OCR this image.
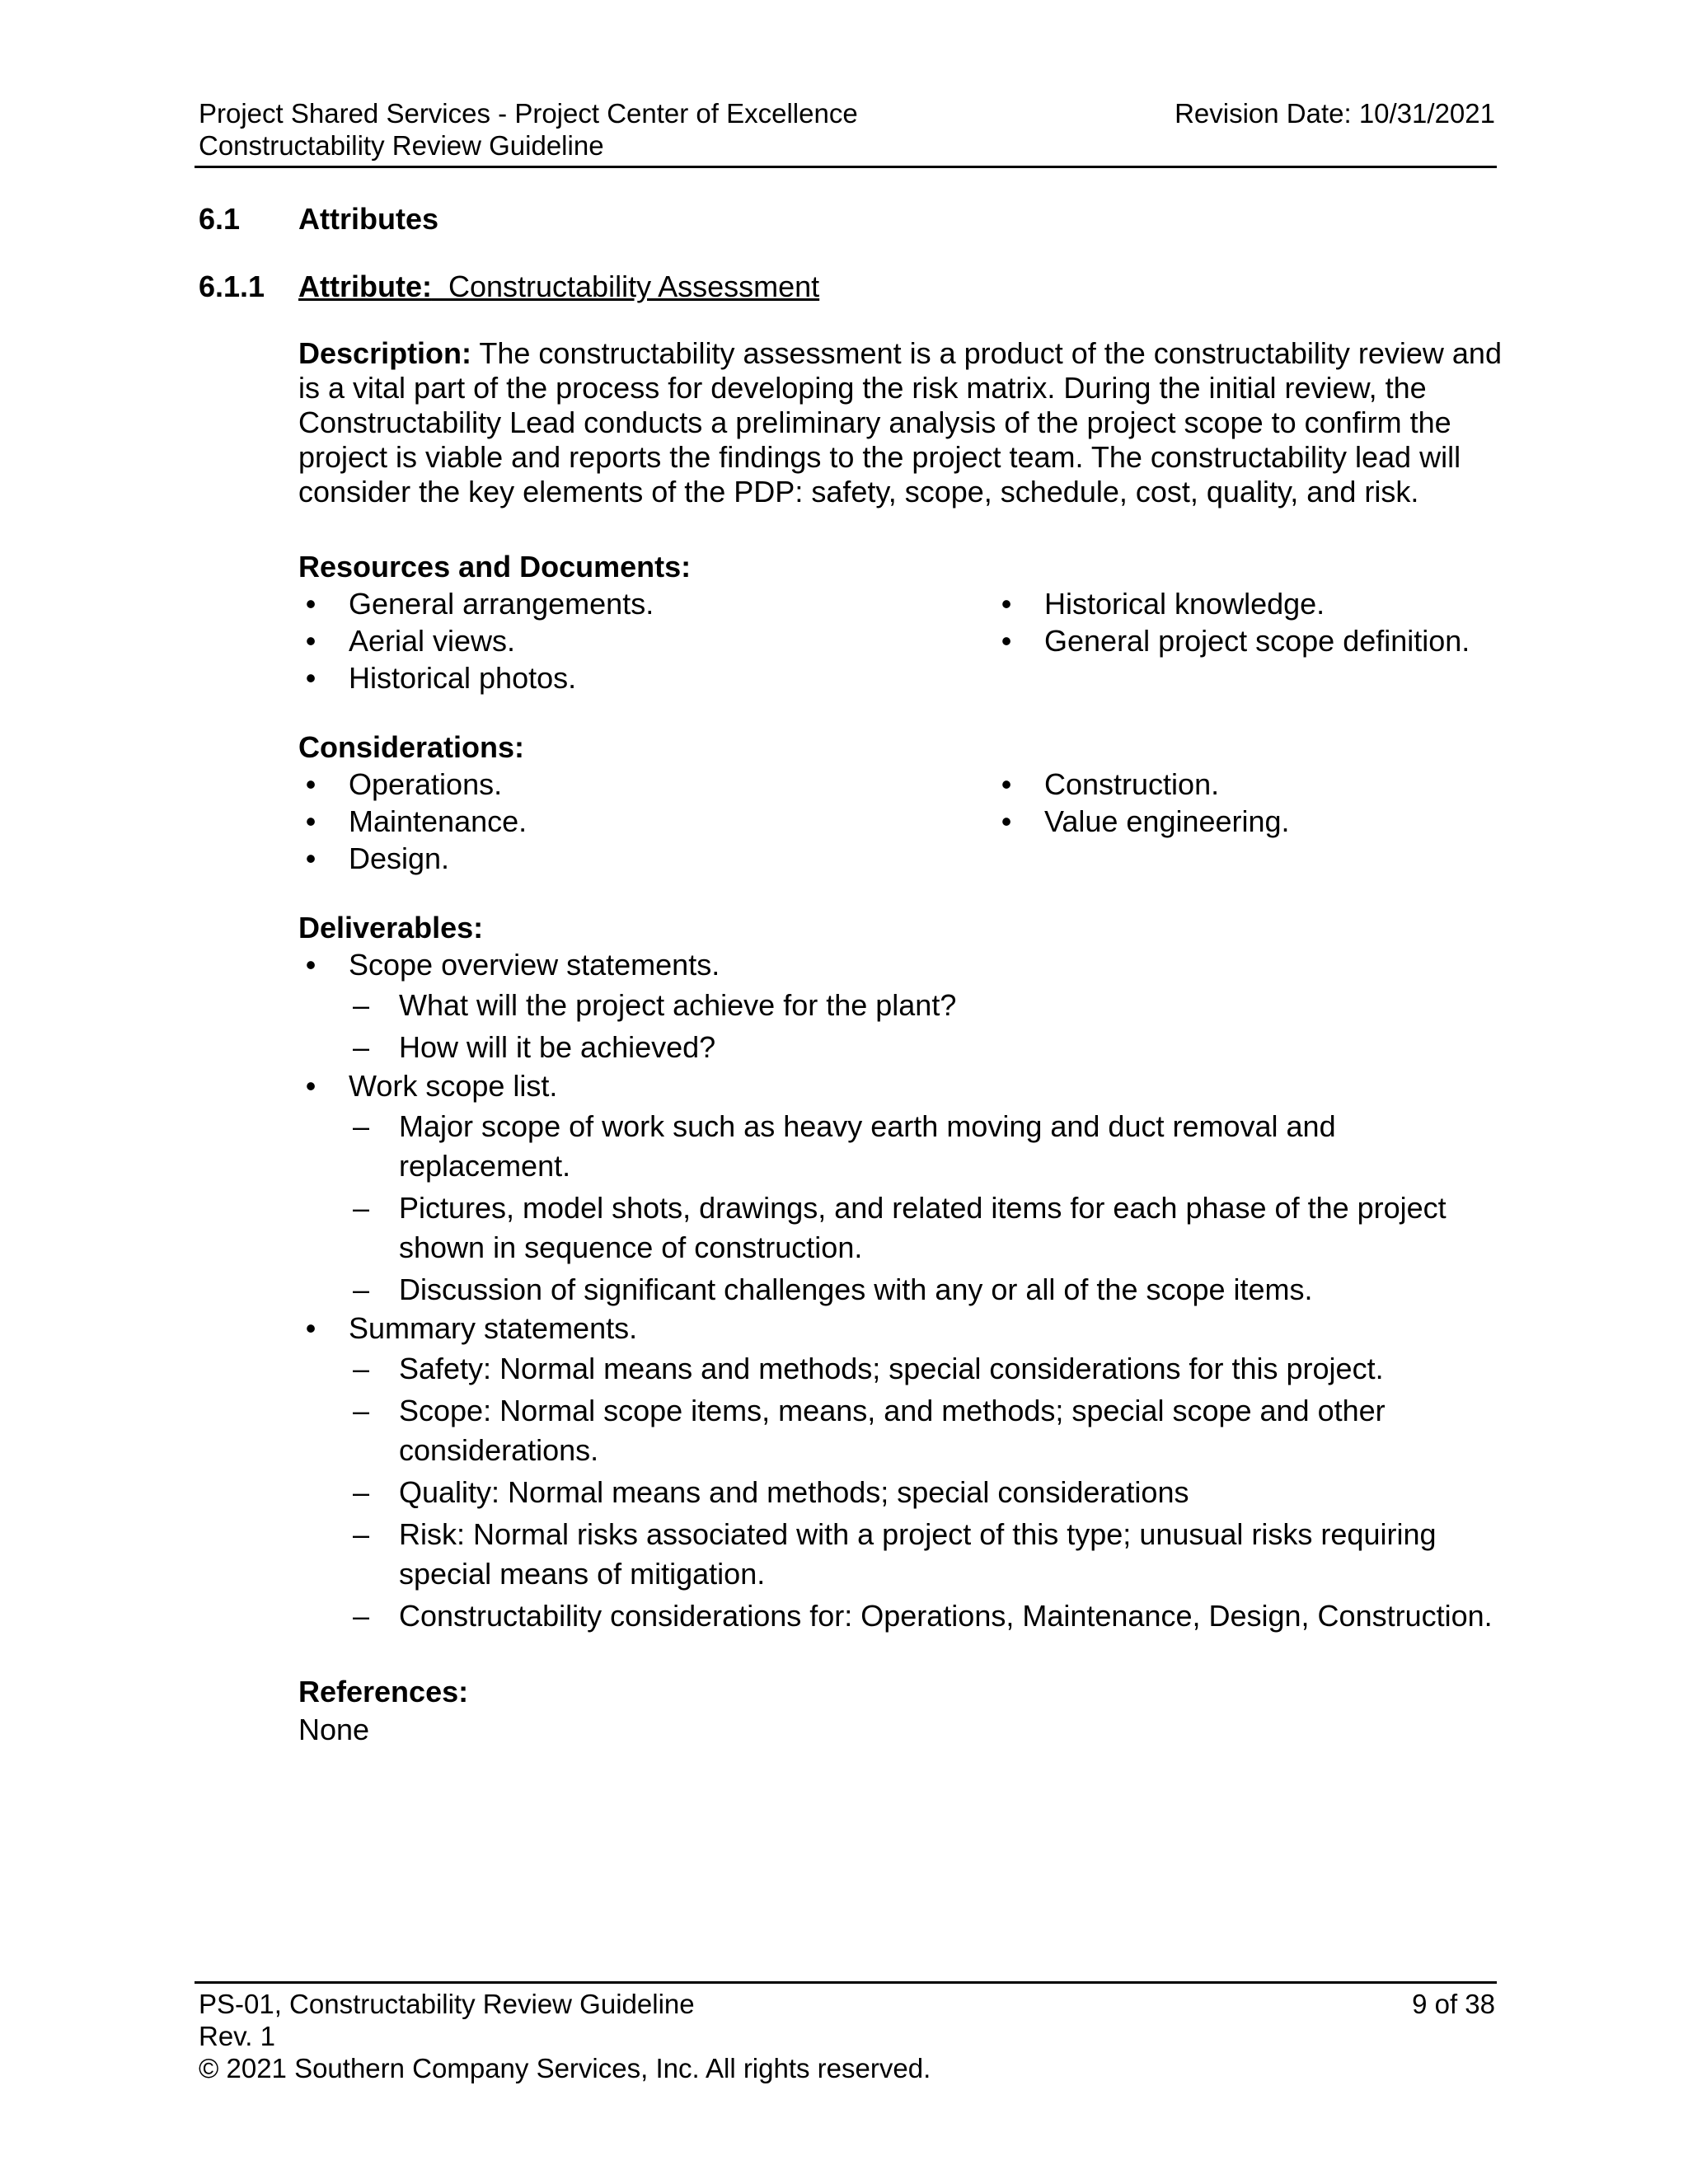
Project Shared Services - Project Center of Excellence	Revision Date: 10/31/2021
Constructability Review Guideline
6.1	Attributes
6.1.1	Attribute: Constructability Assessment

Description: The constructability assessment is a product of the constructability review and is a vital part of the process for developing the risk matrix. During the initial review, the Constructability Lead conducts a preliminary analysis of the project scope to confirm the project is viable and reports the findings to the project team. The constructability lead will consider the key elements of the PDP: safety, scope, schedule, cost, quality, and risk.

Resources and Documents:

• General arrangements.
• Aerial views.
• Historical photos.
• Historical knowledge.
• General project scope definition.

Considerations:

• Operations.
• Maintenance.
• Design.
• Construction.
• Value engineering.

Deliverables:

• Scope overview statements.
– What will the project achieve for the plant?
– How will it be achieved?
• Work scope list.
– Major scope of work such as heavy earth moving and duct removal and replacement.
– Pictures, model shots, drawings, and related items for each phase of the project shown in sequence of construction.
– Discussion of significant challenges with any or all of the scope items.
• Summary statements.
– Safety: Normal means and methods; special considerations for this project.
– Scope: Normal scope items, means, and methods; special scope and other considerations.
– Quality: Normal means and methods; special considerations
– Risk: Normal risks associated with a project of this type; unusual risks requiring special means of mitigation.
– Constructability considerations for: Operations, Maintenance, Design, Construction.

References:

None
PS-01, Constructability Review Guideline	9 of 38
Rev. 1
© 2021 Southern Company Services, Inc. All rights reserved.
